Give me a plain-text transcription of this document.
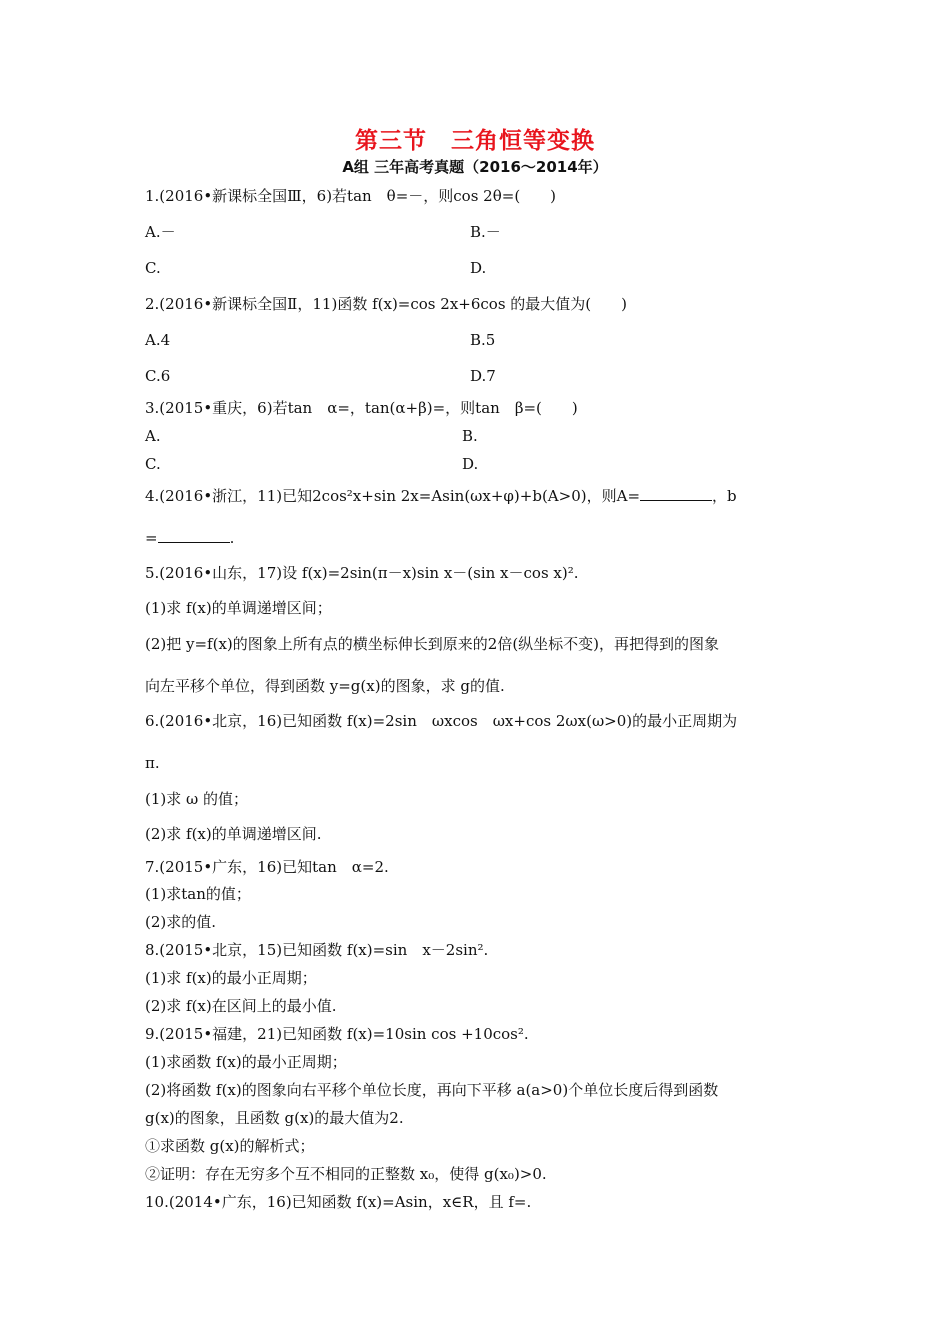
第三节　三角恒等变换
A组 三年高考真题（2016～2014年）
1.(2016•新课标全国Ⅲ，6)若tan　θ=－，则cos 2θ=(　　)
A.－	B.－
C.	D.
2.(2016•新课标全国Ⅱ，11)函数 f(x)=cos 2x+6cos 的最大值为(　　)
A.4	B.5
C.6	D.7
3.(2015•重庆，6)若tan　α=，tan(α+β)=，则tan　β=(　　)
A.	B.
C.	D.
4.(2016•浙江，11)已知2cos²x+sin 2x=Asin(ωx+φ)+b(A>0)，则A=	，b
=	.
5.(2016•山东，17)设 f(x)=2sin(π－x)sin x－(sin x－cos x)².
(1)求 f(x)的单调递增区间；
(2)把 y=f(x)的图象上所有点的横坐标伸长到原来的2倍(纵坐标不变)，再把得到的图象
向左平移个单位，得到函数 y=g(x)的图象，求 g的值.
6.(2016•北京，16)已知函数 f(x)=2sin　ωxcos　ωx+cos 2ωx(ω>0)的最小正周期为
π.
(1)求 ω 的值；
(2)求 f(x)的单调递增区间.
7.(2015•广东，16)已知tan　α=2.
(1)求tan的值；
(2)求的值.
8.(2015•北京，15)已知函数 f(x)=sin　x－2sin².
(1)求 f(x)的最小正周期；
(2)求 f(x)在区间上的最小值.
9.(2015•福建，21)已知函数 f(x)=10sin cos +10cos².
(1)求函数 f(x)的最小正周期；
(2)将函数 f(x)的图象向右平移个单位长度，再向下平移 a(a>0)个单位长度后得到函数
g(x)的图象，且函数 g(x)的最大值为2.
①求函数 g(x)的解析式；
②证明：存在无穷多个互不相同的正整数 x₀，使得 g(x₀)>0.
10.(2014•广东，16)已知函数 f(x)=Asin，x∈R，且 f=.
